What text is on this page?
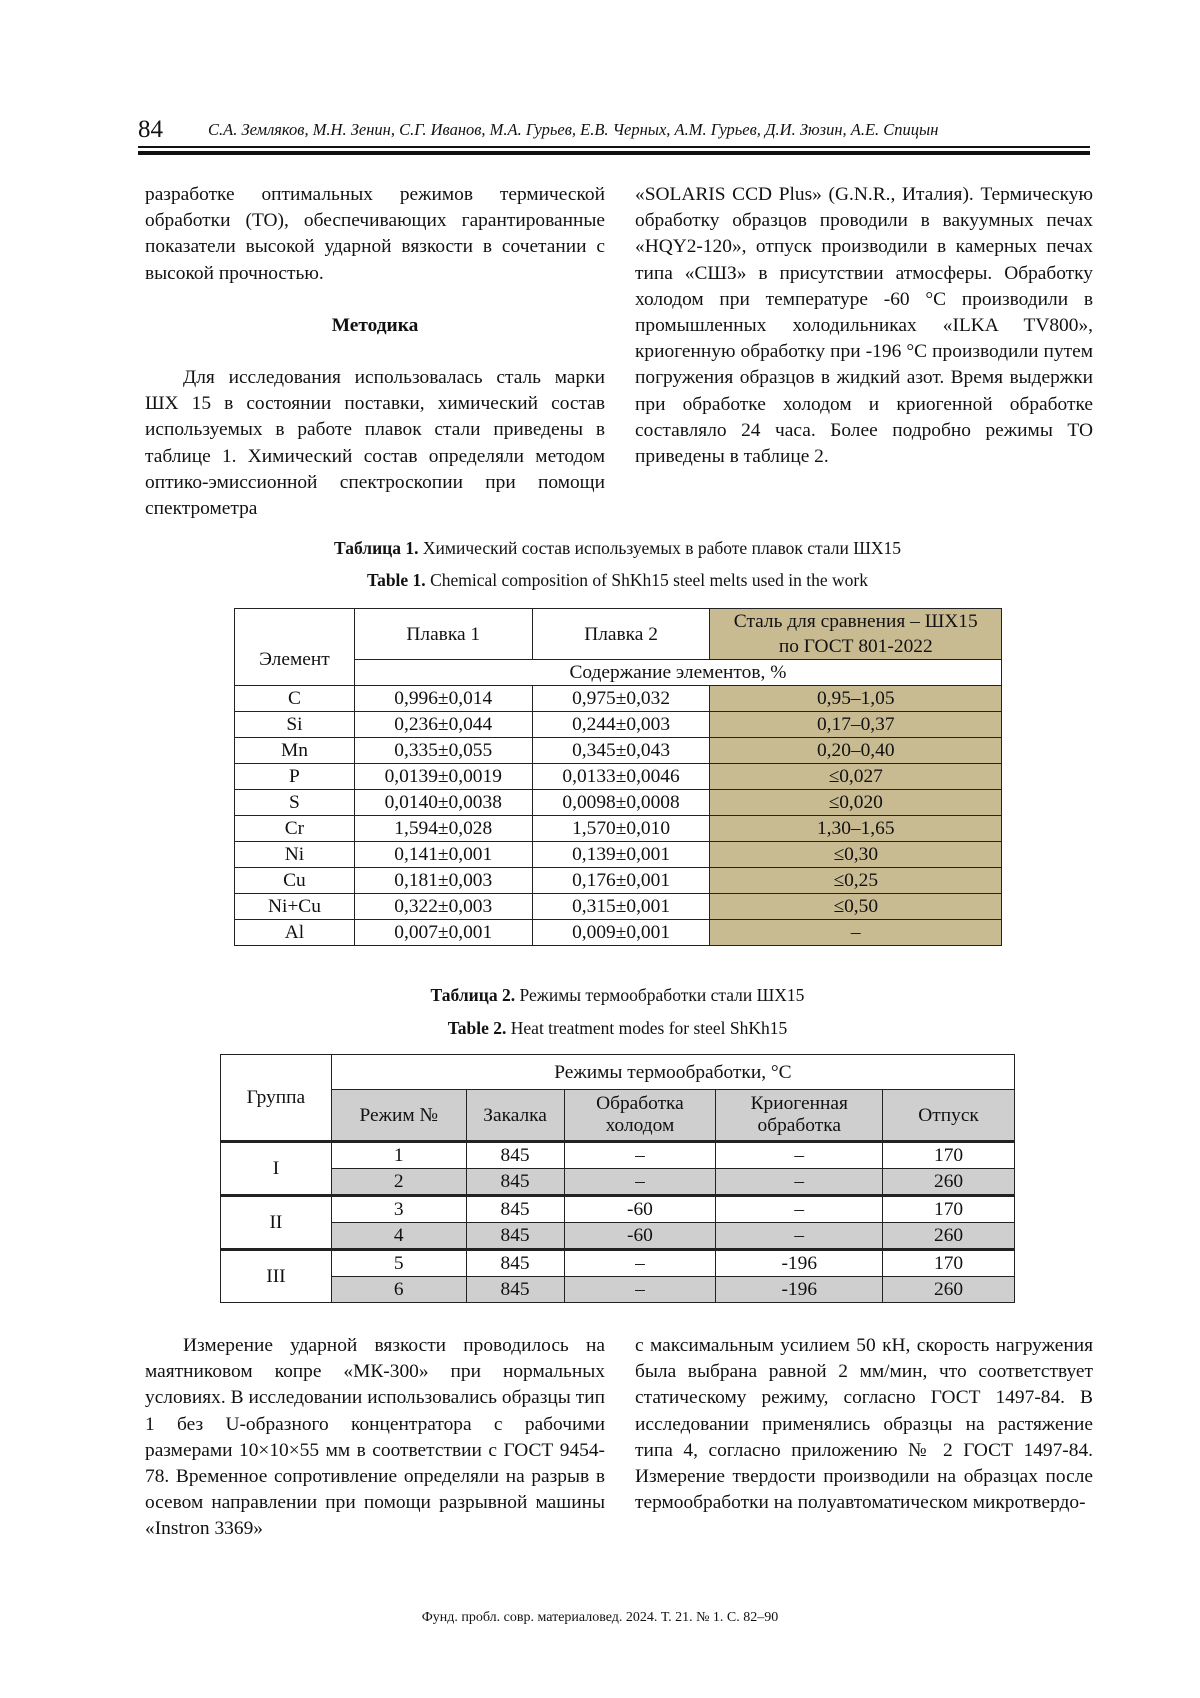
84	С.А. Земляков, М.Н. Зенин, С.Г. Иванов, М.А. Гурьев, Е.В. Черных, А.М. Гурьев, Д.И. Зюзин, А.Е. Спицын

разработке оптимальных режимов термической обработки (ТО), обеспечивающих гарантированные показатели высокой ударной вязкости в сочетании с высокой прочностью.

Методика

Для исследования использовалась сталь марки ШХ 15 в состоянии поставки, химический состав используемых в работе плавок стали приведены в таблице 1. Химический состав определяли методом оптико-эмиссионной спектроскопии при помощи спектрометра

«SOLARIS CCD Plus» (G.N.R., Италия). Термическую обработку образцов проводили в вакуумных печах «HQY2-120», отпуск производили в камерных печах типа «СШЗ» в присутствии атмосферы. Обработку холодом при температуре -60 °С производили в промышленных холодильниках «ILKA TV800», криогенную обработку при -196 °С производили путем погружения образцов в жидкий азот. Время выдержки при обработке холодом и криогенной обработке составляло 24 часа. Более подробно режимы ТО приведены в таблице 2.

Таблица 1. Химический состав используемых в работе плавок стали ШХ15
Table 1. Chemical composition of ShKh15 steel melts used in the work
Элемент	Плавка 1	Плавка 2	Сталь для сравнения – ШХ15 по ГОСТ 801-2022
	Содержание элементов, %		
C	0,996±0,014	0,975±0,032	0,95–1,05
Si	0,236±0,044	0,244±0,003	0,17–0,37
Mn	0,335±0,055	0,345±0,043	0,20–0,40
P	0,0139±0,0019	0,0133±0,0046	≤0,027
S	0,0140±0,0038	0,0098±0,0008	≤0,020
Cr	1,594±0,028	1,570±0,010	1,30–1,65
Ni	0,141±0,001	0,139±0,001	≤0,30
Cu	0,181±0,003	0,176±0,001	≤0,25
Ni+Cu	0,322±0,003	0,315±0,001	≤0,50
Al	0,007±0,001	0,009±0,001	–
Таблица 2. Режимы термообработки стали ШХ15
Table 2. Heat treatment modes for steel ShKh15
Группа	Режимы термообработки, °С				
	Режим №	Закалка	Обработка холодом	Криогенная обработка	Отпуск
I	1	845	–	–	170
	2	845	–	–	260
II	3	845	-60	–	170
	4	845	-60	–	260
III	5	845	–	-196	170
	6	845	–	-196	260

Измерение ударной вязкости проводилось на маятниковом копре «МК-300» при нормальных условиях. В исследовании использовались образцы тип 1 без U-образного концентратора с рабочими размерами 10×10×55 мм в соответствии с ГОСТ 9454-78. Временное сопротивление определяли на разрыв в осевом направлении при помощи разрывной машины «Instron 3369»

с максимальным усилием 50 кН, скорость нагружения была выбрана равной 2 мм/мин, что соответствует статическому режиму, согласно ГОСТ 1497-84. В исследовании применялись образцы на растяжение типа 4, согласно приложению № 2 ГОСТ 1497-84. Измерение твердости производили на образцах после термообработки на полуавтоматическом микротвердо-

Фунд. пробл. совр. материаловед. 2024. Т. 21. № 1. С. 82–90
